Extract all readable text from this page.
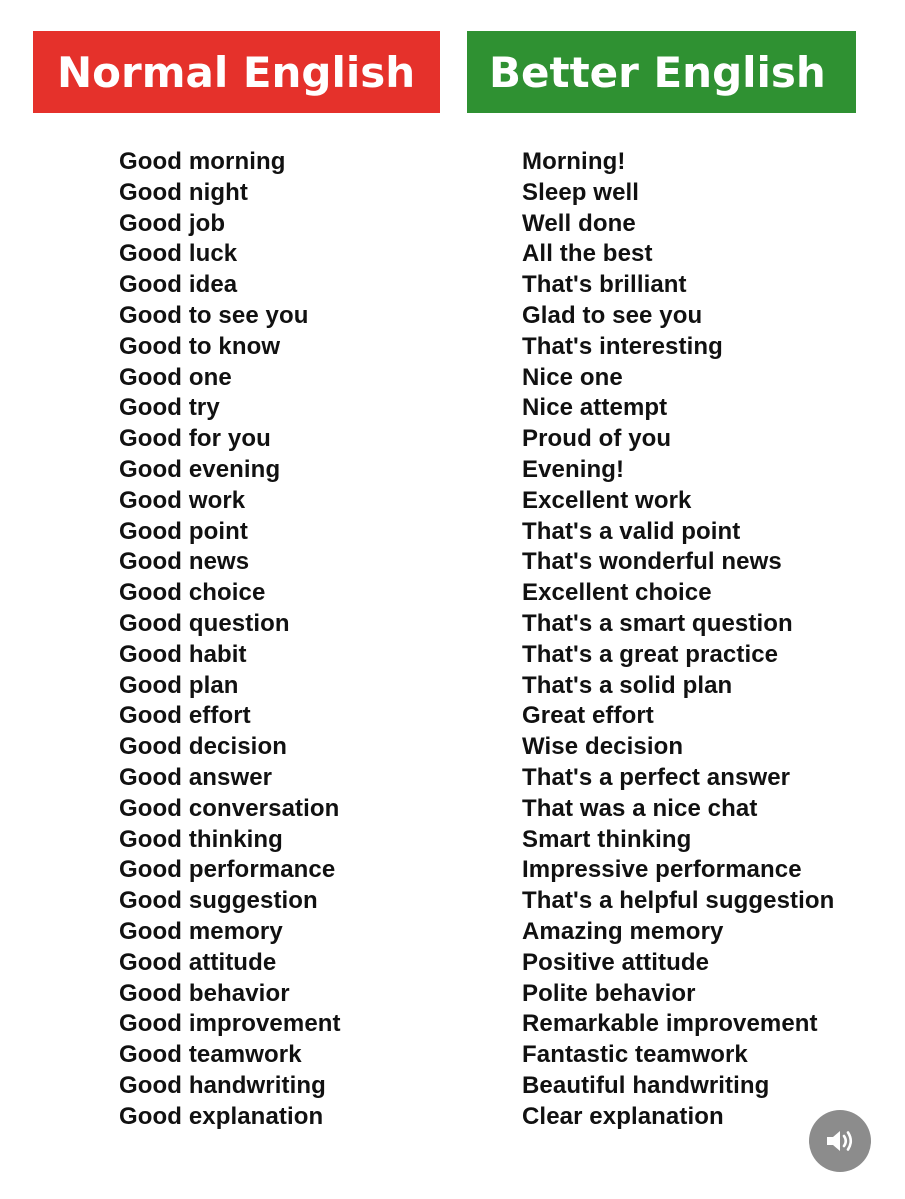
Normal English Better English
Good morning
Good night
Good job
Good luck
Good idea
Good to see you
Good to know
Good one
Good try
Good for you
Good evening
Good work
Good point
Good news
Good choice
Good question
Good habit
Good plan
Good effort
Good decision
Good answer
Good conversation
Good thinking
Good performance
Good suggestion
Good memory
Good attitude
Good behavior
Good improvement
Good teamwork
Good handwriting
Good explanation
Morning!
Sleep well
Well done
All the best
That's brilliant
Glad to see you
That's interesting
Nice one
Nice attempt
Proud of you
Evening!
Excellent work
That's a valid point
That's wonderful news
Excellent choice
That's a smart question
That's a great practice
That's a solid plan
Great effort
Wise decision
That's a perfect answer
That was a nice chat
Smart thinking
Impressive performance
That's a helpful suggestion
Amazing memory
Positive attitude
Polite behavior
Remarkable improvement
Fantastic teamwork
Beautiful handwriting
Clear explanation
